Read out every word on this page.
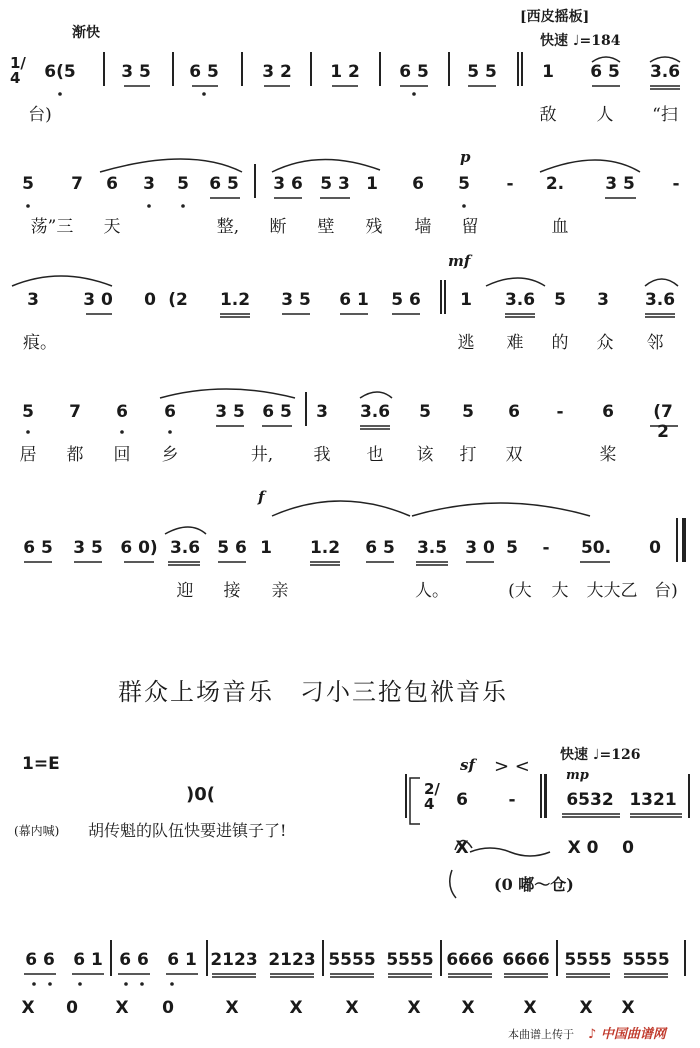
渐快
1/4
[西皮摇板]
快速 ♩=184
6(5	3 5 6 5	3 2 1 2 6 5 5 5	1 6 5 3.6
台)	敌 人 “扫
p
5 7 6 3 5 6 5 3 6 5 3 1 6 5 - 2. 3 5 -
荡”三 天	整, 断 壁 残 墙 留	血
mf
3	3 0 0 (2 1.2 3 5 6 1 5 6 1 3.6 5 3 3.6
痕。	逃 难 的 众 邻
5 7 6 6 3 5 6 5 3 3.6 5 5 6 - 6	(7 2
居 都 回 乡	井, 我 也 该 打 双	桨
f
6 5 3 5 6 0) 3.6 5 6 1 1.2 6 5 3.5 3 0 5 - 50. 0
迎 接 亲	人。	(大 大 大大乙 台)
群众上场音乐　刁小三抢包袱音乐
1=E
)0(
(幕内喊) 胡传魁的队伍快要进镇子了!
sf > <	mp
快速 ♩=126
2/4	6 -	6532 1321
X	X 0 0
(0 嘟～仓)
6 6 6 1 6 6 6 1 2123 2123 5555 5555 6666 6666 5555 5555
X 0 X 0	X	X	X	X X	X	X X
本曲谱上传于 ♪ 中国曲谱网
